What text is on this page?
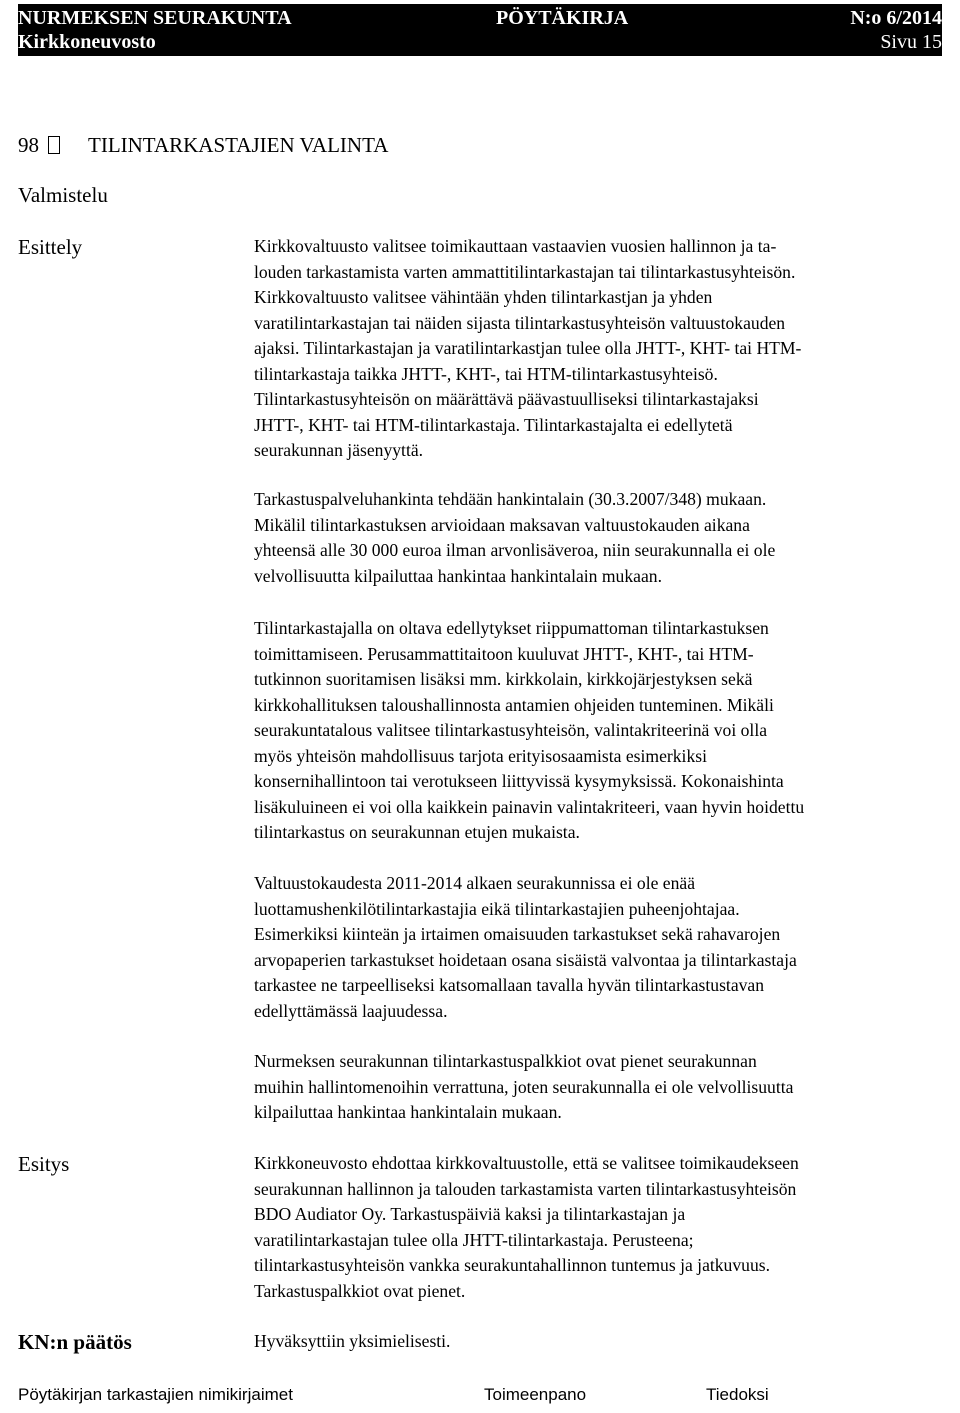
NURMEKSEN SEURAKUNTA	PÖYTÄKIRJA	N:o 6/2014
Kirkkoneuvosto	Sivu 15
98 TILINTARKASTAJIEN VALINTA
Valmistelu
Esittely	Kirkkovaltuusto valitsee toimikauttaan vastaavien vuosien hallinnon ja ta-

louden tarkastamista varten ammattitilintarkastajan tai tilintarkastusyhteisön.

Kirkkovaltuusto valitsee vähintään yhden tilintarkastjan ja yhden

varatilintarkastajan tai näiden sijasta tilintarkastusyhteisön valtuustokauden

ajaksi. Tilintarkastajan ja varatilintarkastjan tulee olla JHTT-, KHT- tai HTM-

tilintarkastaja taikka JHTT-, KHT-, tai HTM-tilintarkastusyhteisö.

Tilintarkastusyhteisön on määrättävä päävastuulliseksi tilintarkastajaksi

JHTT-, KHT- tai HTM-tilintarkastaja. Tilintarkastajalta ei edellytetä

seurakunnan jäsenyyttä.

Tarkastuspalveluhankinta tehdään hankintalain (30.3.2007/348) mukaan.

Mikälil tilintarkastuksen arvioidaan maksavan valtuustokauden aikana

yhteensä alle 30 000 euroa ilman arvonlisäveroa, niin seurakunnalla ei ole

velvollisuutta kilpailuttaa hankintaa hankintalain mukaan.

Tilintarkastajalla on oltava edellytykset riippumattoman tilintarkastuksen

toimittamiseen. Perusammattitaitoon kuuluvat JHTT-, KHT-, tai HTM-

tutkinnon suoritamisen lisäksi mm. kirkkolain, kirkkojärjestyksen sekä

kirkkohallituksen taloushallinnosta antamien ohjeiden tunteminen. Mikäli

seurakuntatalous valitsee tilintarkastusyhteisön, valintakriteerinä voi olla

myös yhteisön mahdollisuus tarjota erityisosaamista esimerkiksi

konsernihallintoon tai verotukseen liittyvissä kysymyksissä. Kokonaishinta

lisäkuluineen ei voi olla kaikkein painavin valintakriteeri, vaan hyvin hoidettu

tilintarkastus on seurakunnan etujen mukaista.

Valtuustokaudesta 2011-2014 alkaen seurakunnissa ei ole enää

luottamushenkilötilintarkastajia eikä tilintarkastajien puheenjohtajaa.

Esimerkiksi kiinteän ja irtaimen omaisuuden tarkastukset sekä rahavarojen

arvopaperien tarkastukset hoidetaan osana sisäistä valvontaa ja tilintarkastaja

tarkastee ne tarpeelliseksi katsomallaan tavalla hyvän tilintarkastustavan

edellyttämässä laajuudessa.

Nurmeksen seurakunnan tilintarkastuspalkkiot ovat pienet seurakunnan

muihin hallintomenoihin verrattuna, joten seurakunnalla ei ole velvollisuutta

kilpailuttaa hankintaa hankintalain mukaan.

Esitys	Kirkkoneuvosto ehdottaa kirkkovaltuustolle, että se valitsee toimikaudekseen

seurakunnan hallinnon ja talouden tarkastamista varten tilintarkastusyhteisön

BDO Audiator Oy. Tarkastuspäiviä kaksi ja tilintarkastajan ja

varatilintarkastajan tulee olla JHTT-tilintarkastaja. Perusteena;

tilintarkastusyhteisön vankka seurakuntahallinnon tuntemus ja jatkuvuus.

Tarkastuspalkkiot ovat pienet.

KN:n päätös	Hyväksyttiin yksimielisesti.
Pöytäkirjan tarkastajien nimikirjaimet	Toimeenpano	Tiedoksi
